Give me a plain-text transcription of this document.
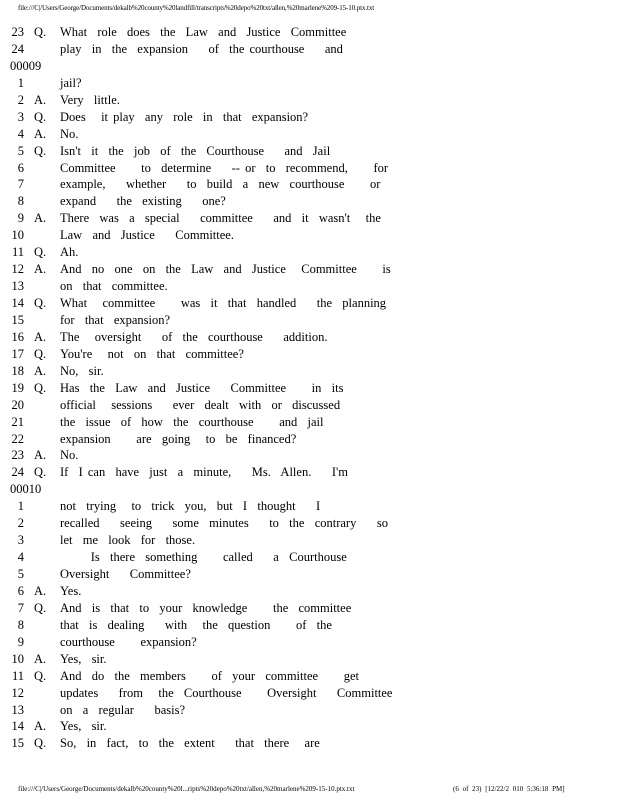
file:///C|/Users/George/Documents/dekalb%20county%20landfill/transcripts%20depo%20txt/allen,%20marlene%209-15-10.ptx.txt
23 Q. What  role  does  the  Law  and  Justice  Committee
24	play  in  the  expansion    of  the courthouse    and
00009
1	jail?
2 A. Very  little.
3 Q. Does   it play  any  role  in  that  expansion?
4 A. No.
5 Q. Isn't  it  the  job  of  the  Courthouse    and  Jail
6	Committee     to  determine    -- or  to  recommend,     for
7	example,    whether    to  build  a  new  courthouse     or
8	expand    the  existing    one?
9 A. There  was  a  special    committee    and  it  wasn't   the
10	Law  and  Justice    Committee.
11 Q. Ah.
12 A. And  no  one  on  the  Law  and  Justice   Committee     is
13	on  that  committee.
14 Q. What   committee     was  it  that  handled    the  planning
15	for  that  expansion?
16 A. The   oversight    of  the  courthouse    addition.
17 Q. You're   not  on  that  committee?
18 A. No,  sir.
19 Q. Has  the  Law  and  Justice    Committee     in  its
20	official   sessions    ever  dealt  with  or  discussed
21	the  issue  of  how  the  courthouse     and  jail
22	expansion     are  going   to  be  financed?
23 A. No.
24 Q. If  I can  have  just  a  minute,    Ms.  Allen.    I'm
00010
1	not  trying   to  trick  you,  but  I  thought    I
2	recalled    seeing    some  minutes    to  the  contrary    so
3	let  me  look  for  those.
4	Is  there  something     called    a  Courthouse
5	Oversight    Committee?
6 A. Yes.
7 Q. And  is  that  to  your  knowledge     the  committee
8	that  is  dealing    with   the  question     of  the
9	courthouse     expansion?
10 A. Yes,  sir.
11 Q. And  do  the  members     of  your  committee     get
12	updates    from   the  Courthouse     Oversight    Committee
13	on  a  regular    basis?
14 A. Yes,  sir.
15 Q. So,  in  fact,  to  the  extent    that  there   are
file:///C|/Users/George/Documents/dekalb%20county%20l...ripts%20depo%20txt/allen,%20marlene%209-15-10.ptx.txt	(6 of 23) [12/22/2 010 5:36:18 PM]
